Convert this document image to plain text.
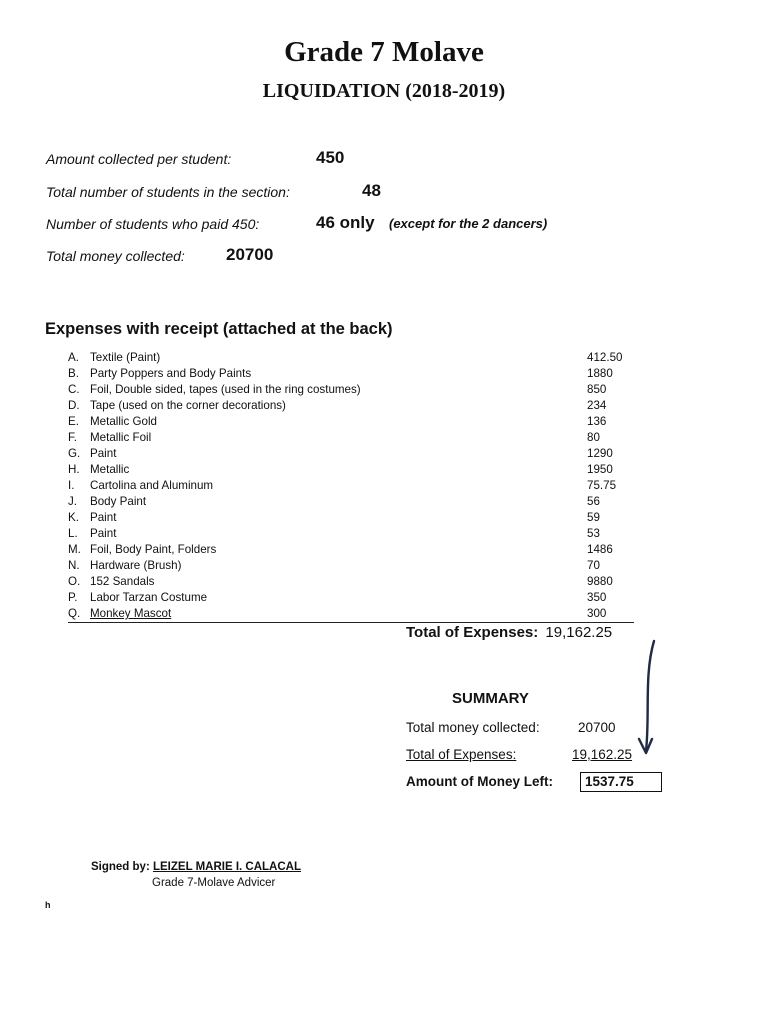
Grade 7 Molave
LIQUIDATION (2018-2019)
Amount collected per student:	450
Total number of students in the section:	48
Number of students who paid 450:	46 only (except for the 2 dancers)
Total money collected: 20700
Expenses with receipt (attached at the back)
A. Textile (Paint)	412.50
B. Party Poppers and Body Paints	1880
C. Foil, Double sided, tapes (used in the ring costumes)	850
D. Tape (used on the corner decorations)	234
E. Metallic Gold	136
F. Metallic Foil	80
G. Paint	1290
H. Metallic	1950
I. Cartolina and Aluminum	75.75
J. Body Paint	56
K. Paint	59
L. Paint	53
M. Foil, Body Paint, Folders	1486
N. Hardware (Brush)	70
O. 152 Sandals	9880
P. Labor Tarzan Costume	350
Q. Monkey Mascot	300
Total of Expenses: 19,162.25
SUMMARY
Total money collected:	20700
Total of Expenses:	19,162.25
Amount of Money Left:	1537.75
Signed by: LEIZEL MARIE I. CALACAL
Grade 7-Molave Advicer
h
